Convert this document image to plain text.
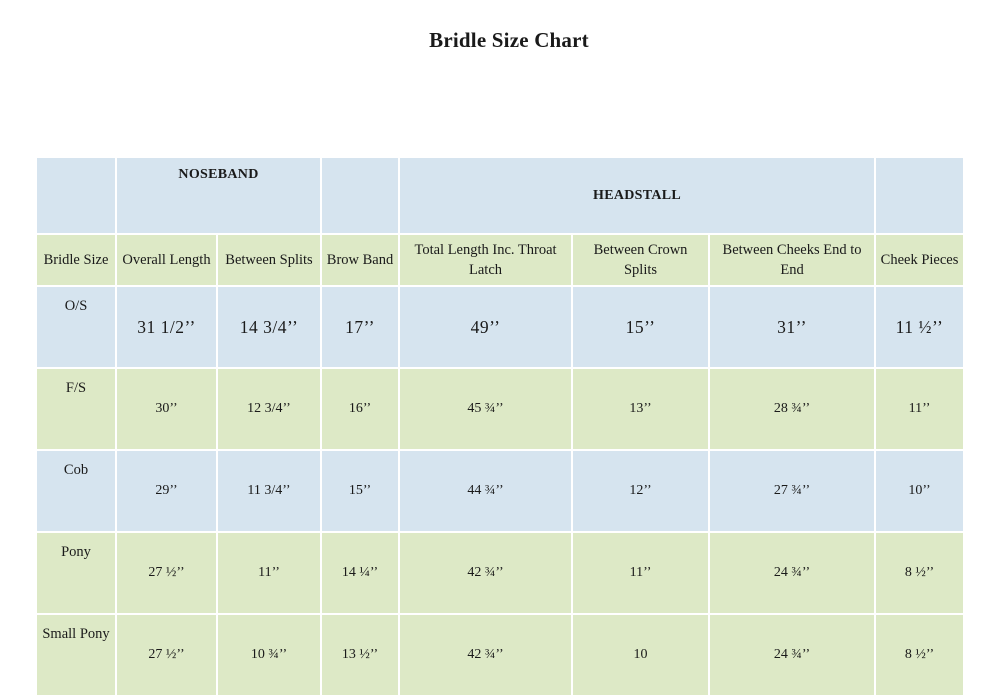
Bridle Size Chart
	NOSEBAND			HEADSTALL			
Bridle Size	Overall Length	Between Splits	Brow Band	Total Length Inc. Throat Latch	Between Crown Splits	Between Cheeks End to End	Cheek Pieces
O/S	31 1/2’’	14 3/4’’	17’’	49’’	15’’	31’’	11 ½’’
F/S	30’’	12 3/4’’	16’’	45 ¾’’	13’’	28 ¾’’	11’’
Cob	29’’	11 3/4’’	15’’	44 ¾’’	12’’	27 ¾’’	10’’
Pony	27 ½’’	11’’	14 ¼’’	42 ¾’’	11’’	24 ¾’’	8 ½’’
Small Pony	27 ½’’	10 ¾’’	13 ½’’	42 ¾’’	10	24 ¾’’	8 ½’’
